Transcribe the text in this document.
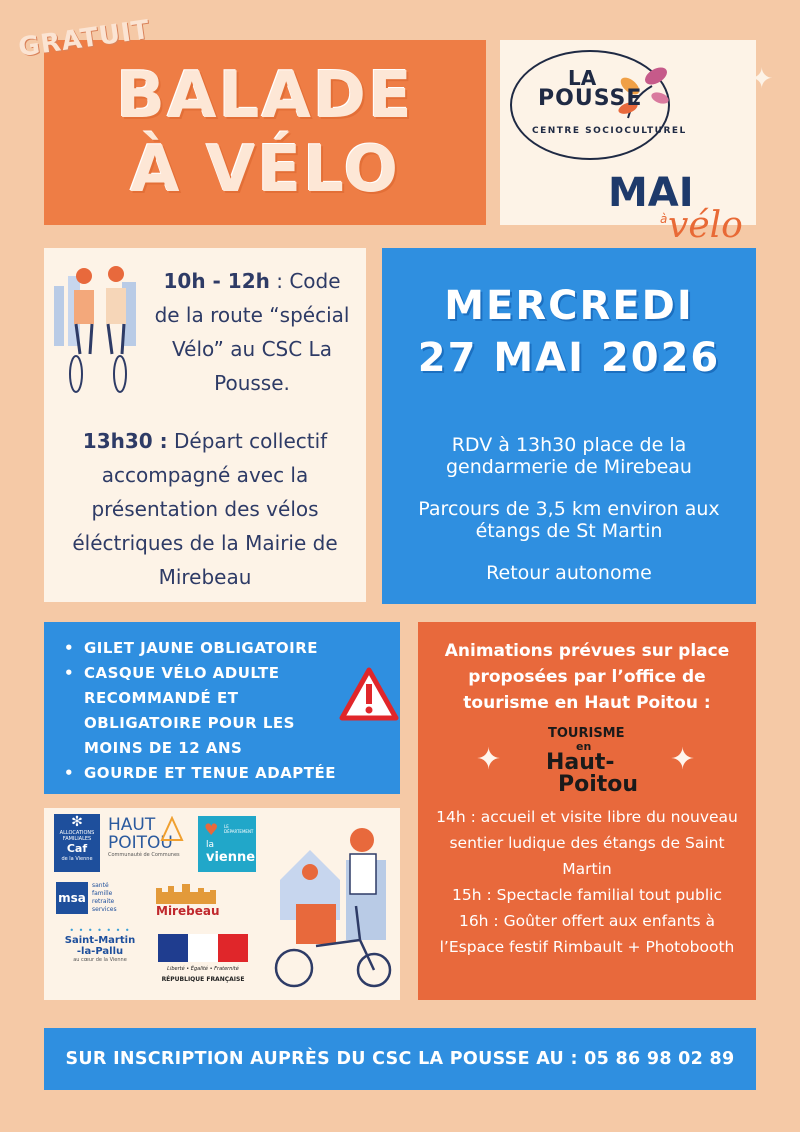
BALADE
À VÉLO
GRATUIT
LA
POUSSE
CENTRE SOCIOCULTUREL
MAI
à vélo
✦
10h - 12h : Code de la route “spécial Vélo” au CSC La Pousse.
13h30 : Départ collectif accompagné avec la présentation des vélos éléctriques de la Mairie de Mirebeau
MERCREDI
27 MAI 2026
RDV à 13h30 place de la gendarmerie de Mirebeau
Parcours de 3,5 km environ aux étangs de St Martin
Retour autonome
• GILET JAUNE OBLIGATOIRE
• CASQUE VÉLO ADULTE RECOMMANDÉ ET OBLIGATOIRE POUR LES MOINS DE 12 ANS
• GOURDE ET TENUE ADAPTÉE
Animations prévues sur place proposées par l’office de tourisme en Haut Poitou :
✦	✦
TOURISME
en
Haut-
Poitou
14h : accueil et visite libre du nouveau sentier ludique des étangs de Saint Martin
15h : Spectacle familial tout public
16h : Goûter offert aux enfants à l’Espace festif Rimbault + Photobooth
✻
ALLOCATIONS FAMILIALES
Caf
de la Vienne
HAUT
POITOU
Communauté de Communes
♥ LE DÉPARTEMENT
la
vienne
msa
santé
famille
retraite
services	Mirebeau
• • • • • • •
Saint-Martin
-la-Pallu
au cœur de la Vienne
Liberté • Égalité • Fraternité
RÉPUBLIQUE FRANÇAISE
SUR INSCRIPTION AUPRÈS DU CSC LA POUSSE AU : 05 86 98 02 89
